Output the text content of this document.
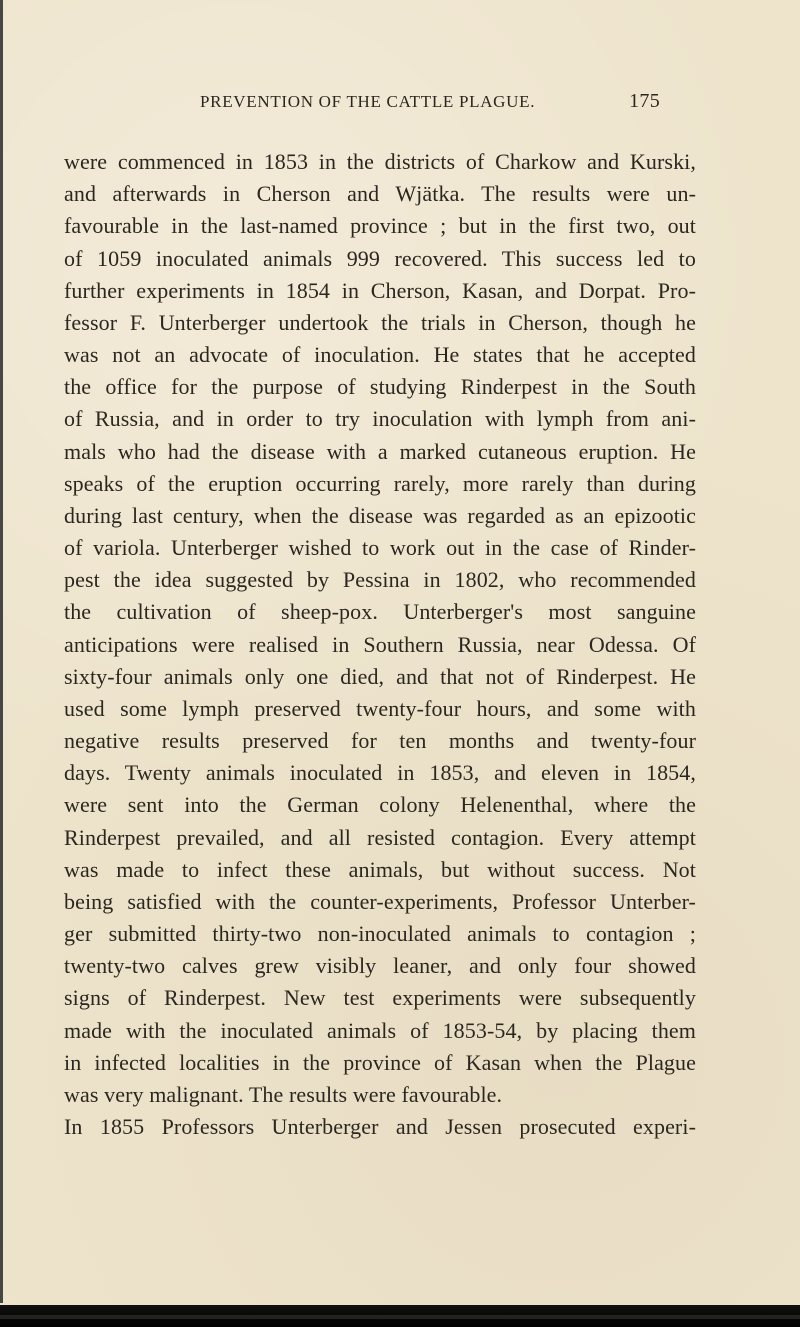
PREVENTION OF THE CATTLE PLAGUE.	175
were commenced in 1853 in the districts of Charkow and Kurski,
and afterwards in Cherson and Wjätka. The results were un-
favourable in the last-named province ; but in the first two, out
of 1059 inoculated animals 999 recovered. This success led to
further experiments in 1854 in Cherson, Kasan, and Dorpat. Pro-
fessor F. Unterberger undertook the trials in Cherson, though he
was not an advocate of inoculation. He states that he accepted
the office for the purpose of studying Rinderpest in the South
of Russia, and in order to try inoculation with lymph from ani-
mals who had the disease with a marked cutaneous eruption. He
speaks of the eruption occurring rarely, more rarely than during
during last century, when the disease was regarded as an epizootic
of variola. Unterberger wished to work out in the case of Rinder-
pest the idea suggested by Pessina in 1802, who recommended
the cultivation of sheep-pox. Unterberger's most sanguine
anticipations were realised in Southern Russia, near Odessa. Of
sixty-four animals only one died, and that not of Rinderpest. He
used some lymph preserved twenty-four hours, and some with
negative results preserved for ten months and twenty-four
days. Twenty animals inoculated in 1853, and eleven in 1854,
were sent into the German colony Helenenthal, where the
Rinderpest prevailed, and all resisted contagion. Every attempt
was made to infect these animals, but without success. Not
being satisfied with the counter-experiments, Professor Unterber-
ger submitted thirty-two non-inoculated animals to contagion ;
twenty-two calves grew visibly leaner, and only four showed
signs of Rinderpest. New test experiments were subsequently
made with the inoculated animals of 1853-54, by placing them
in infected localities in the province of Kasan when the Plague
was very malignant. The results were favourable.
In 1855 Professors Unterberger and Jessen prosecuted experi-
